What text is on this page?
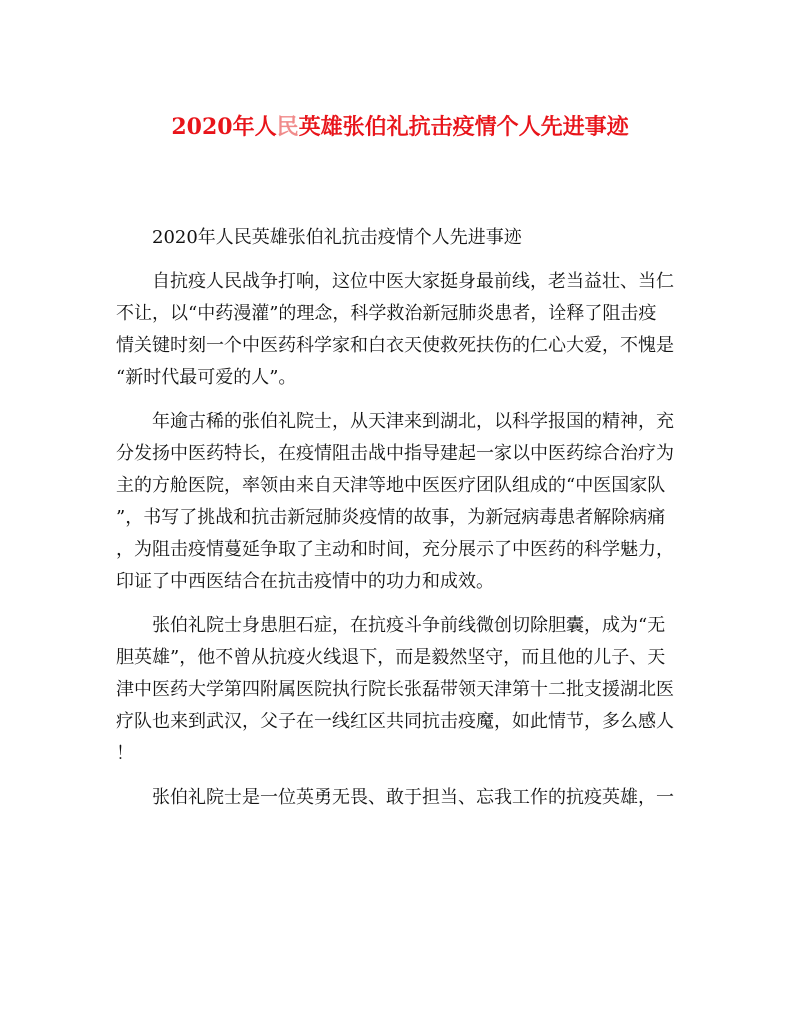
2020年人民英雄张伯礼抗击疫情个人先进事迹
2020年人民英雄张伯礼抗击疫情个人先进事迹
自抗疫人民战争打响，这位中医大家挺身最前线，老当益壮、当仁
不让，以“中药漫灌”的理念，科学救治新冠肺炎患者，诠释了阻击疫
情关键时刻一个中医药科学家和白衣天使救死扶伤的仁心大爱，不愧是
“新时代最可爱的人”。
年逾古稀的张伯礼院士，从天津来到湖北，以科学报国的精神，充
分发扬中医药特长，在疫情阻击战中指导建起一家以中医药综合治疗为
主的方舱医院，率领由来自天津等地中医医疗团队组成的“中医国家队
”，书写了挑战和抗击新冠肺炎疫情的故事，为新冠病毒患者解除病痛
，为阻击疫情蔓延争取了主动和时间，充分展示了中医药的科学魅力，
印证了中西医结合在抗击疫情中的功力和成效。
张伯礼院士身患胆石症，在抗疫斗争前线微创切除胆囊，成为“无
胆英雄”，他不曾从抗疫火线退下，而是毅然坚守，而且他的儿子、天
津中医药大学第四附属医院执行院长张磊带领天津第十二批支援湖北医
疗队也来到武汉，父子在一线红区共同抗击疫魔，如此情节，多么感人
！
张伯礼院士是一位英勇无畏、敢于担当、忘我工作的抗疫英雄，一
